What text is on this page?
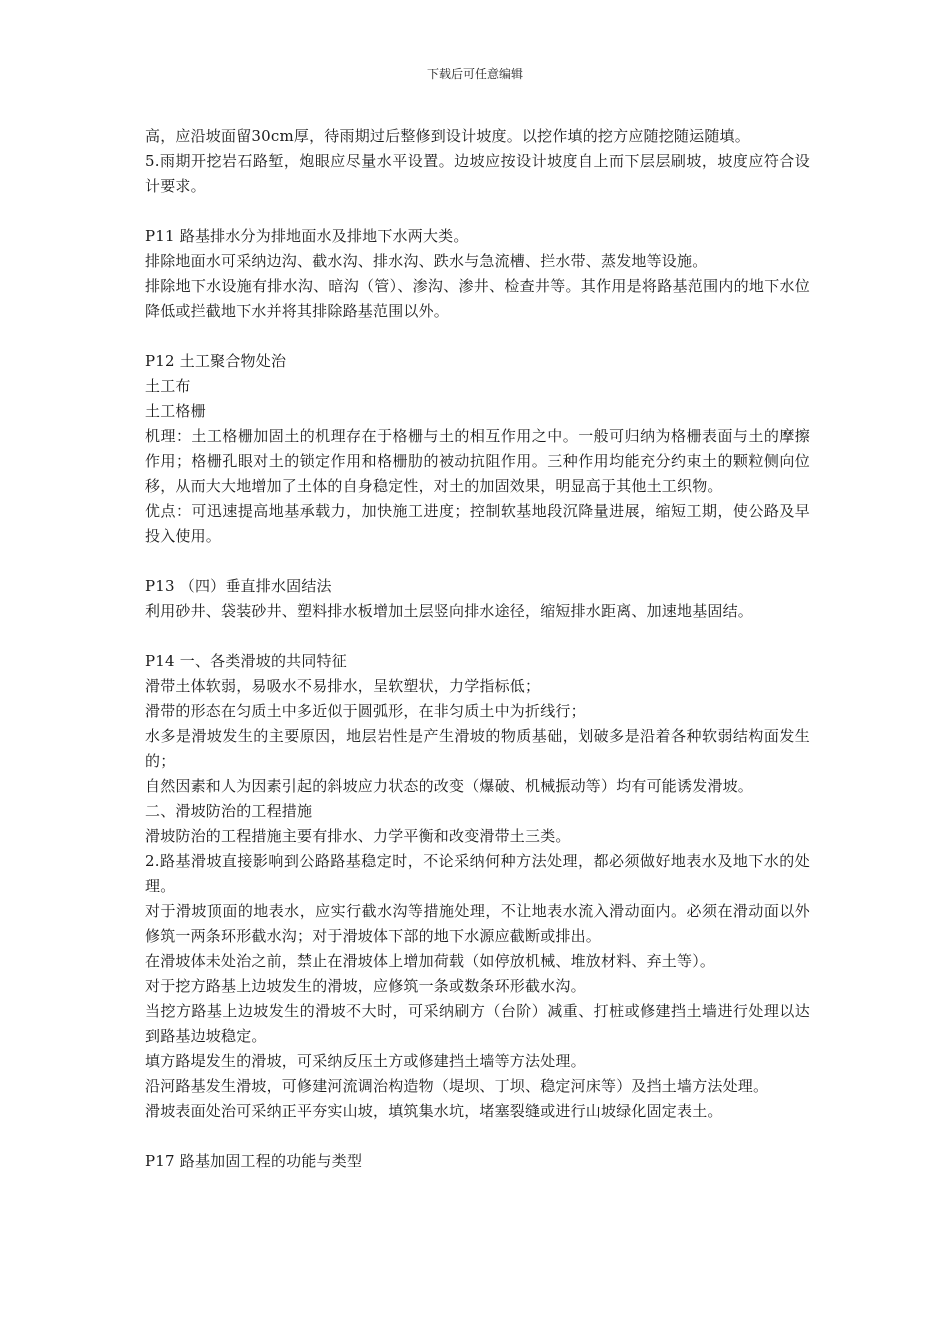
下载后可任意编辑

高，应沿坡面留30cm厚，待雨期过后整修到设计坡度。以挖作填的挖方应随挖随运随填。

5.雨期开挖岩石路堑，炮眼应尽量水平设置。边坡应按设计坡度自上而下层层刷坡，坡度应符合设计要求。

P11 路基排水分为排地面水及排地下水两大类。

排除地面水可采纳边沟、截水沟、排水沟、跌水与急流槽、拦水带、蒸发地等设施。

排除地下水设施有排水沟、暗沟（管）、渗沟、渗井、检查井等。其作用是将路基范围内的地下水位降低或拦截地下水并将其排除路基范围以外。

P12 土工聚合物处治

土工布

土工格栅

机理：土工格栅加固土的机理存在于格栅与土的相互作用之中。一般可归纳为格栅表面与土的摩擦作用；格栅孔眼对土的锁定作用和格栅肋的被动抗阻作用。三种作用均能充分约束土的颗粒侧向位移，从而大大地增加了土体的自身稳定性，对土的加固效果，明显高于其他土工织物。

优点：可迅速提高地基承载力，加快施工进度；控制软基地段沉降量进展，缩短工期，使公路及早投入使用。

P13 （四）垂直排水固结法

利用砂井、袋装砂井、塑料排水板增加土层竖向排水途径，缩短排水距离、加速地基固结。

P14 一、各类滑坡的共同特征

滑带土体软弱，易吸水不易排水，呈软塑状，力学指标低；

滑带的形态在匀质土中多近似于圆弧形，在非匀质土中为折线行；

水多是滑坡发生的主要原因，地层岩性是产生滑坡的物质基础，划破多是沿着各种软弱结构面发生的；

自然因素和人为因素引起的斜坡应力状态的改变（爆破、机械振动等）均有可能诱发滑坡。

二、滑坡防治的工程措施

滑坡防治的工程措施主要有排水、力学平衡和改变滑带土三类。

2.路基滑坡直接影响到公路路基稳定时，不论采纳何种方法处理，都必须做好地表水及地下水的处理。

对于滑坡顶面的地表水，应实行截水沟等措施处理，不让地表水流入滑动面内。必须在滑动面以外修筑一两条环形截水沟；对于滑坡体下部的地下水源应截断或排出。

在滑坡体未处治之前，禁止在滑坡体上增加荷载（如停放机械、堆放材料、弃土等）。

对于挖方路基上边坡发生的滑坡，应修筑一条或数条环形截水沟。

当挖方路基上边坡发生的滑坡不大时，可采纳刷方（台阶）减重、打桩或修建挡土墙进行处理以达到路基边坡稳定。

填方路堤发生的滑坡，可采纳反压土方或修建挡土墙等方法处理。

沿河路基发生滑坡，可修建河流调治构造物（堤坝、丁坝、稳定河床等）及挡土墙方法处理。

滑坡表面处治可采纳正平夯实山坡，填筑集水坑，堵塞裂缝或进行山坡绿化固定表土。

P17 路基加固工程的功能与类型
